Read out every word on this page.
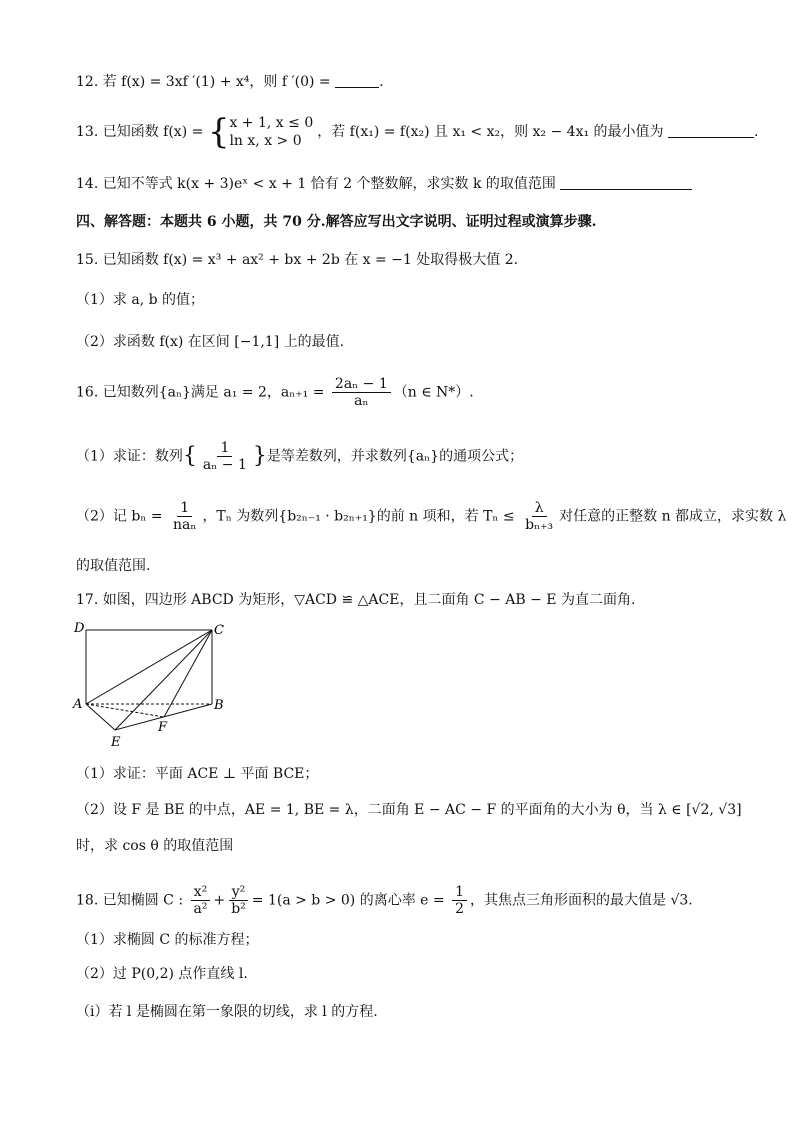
12. 若 f(x) = 3xf ′(1) + x⁴，则 f ′(0) =	.
13. 已知函数 f(x) = { x + 1, x ≤ 0
ln x, x > 0
，若 f(x₁) = f(x₂) 且 x₁ < x₂，则 x₂ − 4x₁ 的最小值为	.
14. 已知不等式 k(x + 3)eˣ < x + 1 恰有 2 个整数解，求实数 k 的取值范围
四、解答题：本题共 6 小题，共 70 分.解答应写出文字说明、证明过程或演算步骤.
15. 已知函数 f(x) = x³ + ax² + bx + 2b 在 x = −1 处取得极大值 2.
（1）求 a, b 的值；
（2）求函数 f(x) 在区间 [−1,1] 上的最值.
16. 已知数列{aₙ}满足 a₁ = 2，$a_{n+1} = \frac{\text{2aₙ − 1}}{\text{aₙ}} (n$ ∈ N*）.
（1）求证：数列{ $\frac{1}{\text{aₙ − 1}}$ }是等差数列，并求数列{aₙ}的通项公式；
（2）记 $b_n = \frac{1}{\text{naₙ}}$ ，Tₙ 为数列{b₂ₙ₋₁ · b₂ₙ₊₁}的前 n 项和，若 $T_n \le \frac{\lambda}{\text{bₙ₊₃}}$ 对任意的正整数 n 都成立，求实数 λ
的取值范围.
17. 如图，四边形 ABCD 为矩形，▽ACD ≌ △ACE，且二面角 C − AB − E 为直二面角.
D	C
A	B
F
E
（1）求证：平面 ACE ⊥ 平面 BCE；
（2）设 F 是 BE 的中点，AE = 1, BE = λ，二面角 E − AC − F 的平面角的大小为 θ，当 λ ∈ [√2, √3]
时，求 cos θ 的取值范围
18. 已知椭圆 C : $\frac{\text{x²}}{\text{a²}} + \frac{\text{y²}}{\text{b²}} = 1(a > b > 0)$ 的离心率 $e = \frac{1}{2}$ ，其焦点三角形面积的最大值是 √3.
（1）求椭圆 C 的标准方程；
（2）过 P(0,2) 点作直线 l.
（i）若 l 是椭圆在第一象限的切线，求 l 的方程.
